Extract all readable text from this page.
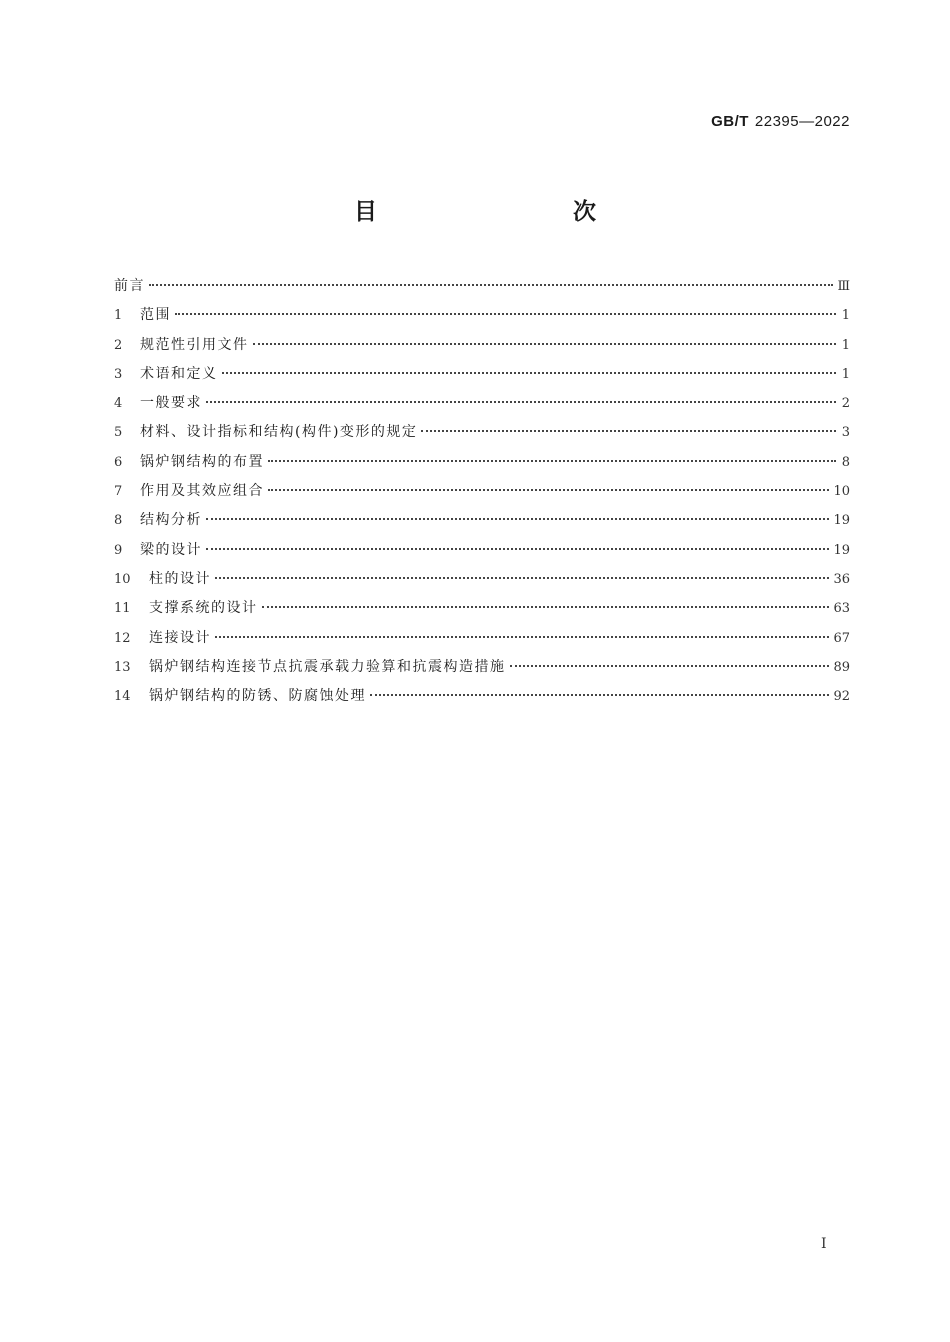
GB/T 22395—2022
目　　次
前言	Ⅲ
1	范围	1
2	规范性引用文件	1
3	术语和定义	1
4	一般要求	2
5	材料、设计指标和结构(构件)变形的规定	3
6	锅炉钢结构的布置	8
7	作用及其效应组合	10
8	结构分析	19
9	梁的设计	19
10	柱的设计	36
11	支撑系统的设计	63
12	连接设计	67
13	锅炉钢结构连接节点抗震承载力验算和抗震构造措施	89
14	锅炉钢结构的防锈、防腐蚀处理	92
Ⅰ
